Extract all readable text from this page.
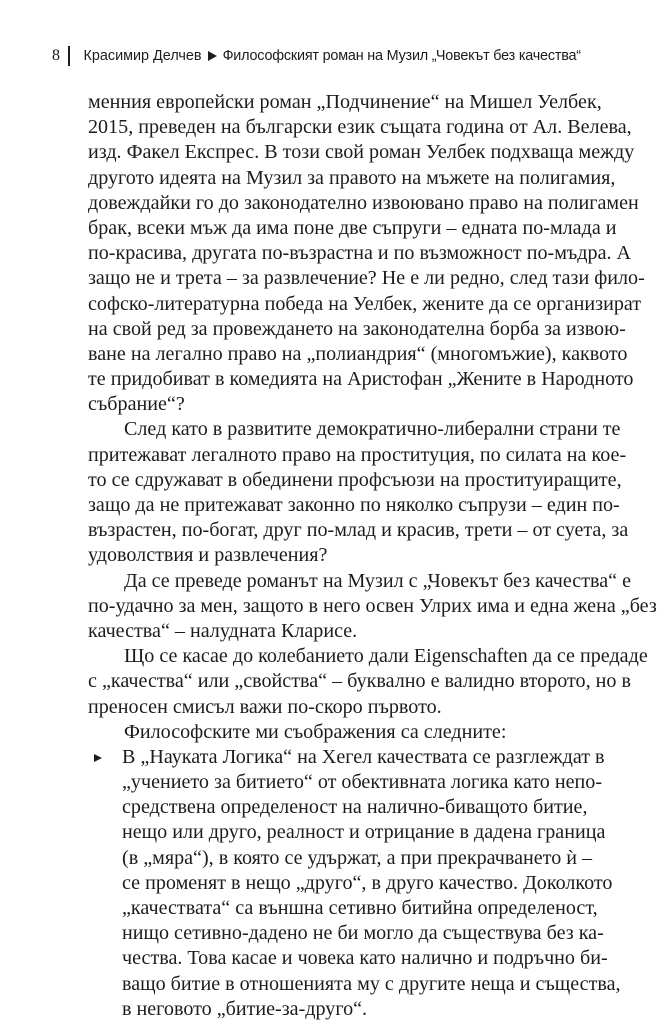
8 Красимир Делчев Философският роман на Музил „Човекът без качества“
менния европейски роман „Подчинение“ на Мишел Уелбек,
2015, преведен на български език същата година от Ал. Велева,
изд. Факел Експрес. В този свой роман Уелбек подхваща между
другото идеята на Музил за правото на мъжете на полигамия,
довеждайки го до законодателно извоювано право на полигамен
брак, всеки мъж да има поне две съпруги – едната по-млада и
по-красива, другата по-възрастна и по възможност по-мъдра. А
защо не и трета – за развлечение? Не е ли редно, след тази фило-
софско-литературна победа на Уелбек, жените да се организират
на свой ред за провеждането на законодателна борба за извою-
ване на легално право на „полиандрия“ (многомъжие), каквото
те придобиват в комедията на Аристофан „Жените в Народното
събрание“?
След като в развитите демократично-либерални страни те
притежават легалното право на проституция, по силата на кое-
то се сдружават в обединени профсъюзи на проституиращите,
защо да не притежават законно по няколко съпрузи – един по-
възрастен, по-богат, друг по-млад и красив, трети – от суета, за
удоволствия и развлечения?
Да се преведе романът на Музил с „Човекът без качества“ е
по-удачно за мен, защото в него освен Улрих има и една жена „без
качества“ – налудната Кларисе.
Що се касае до колебанието дали Eigenschaften да се предаде
с „качества“ или „свойства“ – буквално е валидно второто, но в
преносен смисъл важи по-скоро първото.
Философските ми съображения са следните:
В „Науката Логика“ на Хегел качествата се разглеждат в
„учението за битието“ от обективната логика като непо-
средствена определеност на налично-биващото битие,
нещо или друго, реалност и отрицание в дадена граница
(в „мяра“), в която се удържат, а при прекрачването ѝ –
се променят в нещо „друго“, в друго качество. Доколкото
„качествата“ са външна сетивно битийна определеност,
нищо сетивно-дадено не би могло да съществува без ка-
чества. Това касае и човека като налично и подръчно би-
ващо битие в отношенията му с другите неща и същества,
в неговото „битие-за-друго“.
